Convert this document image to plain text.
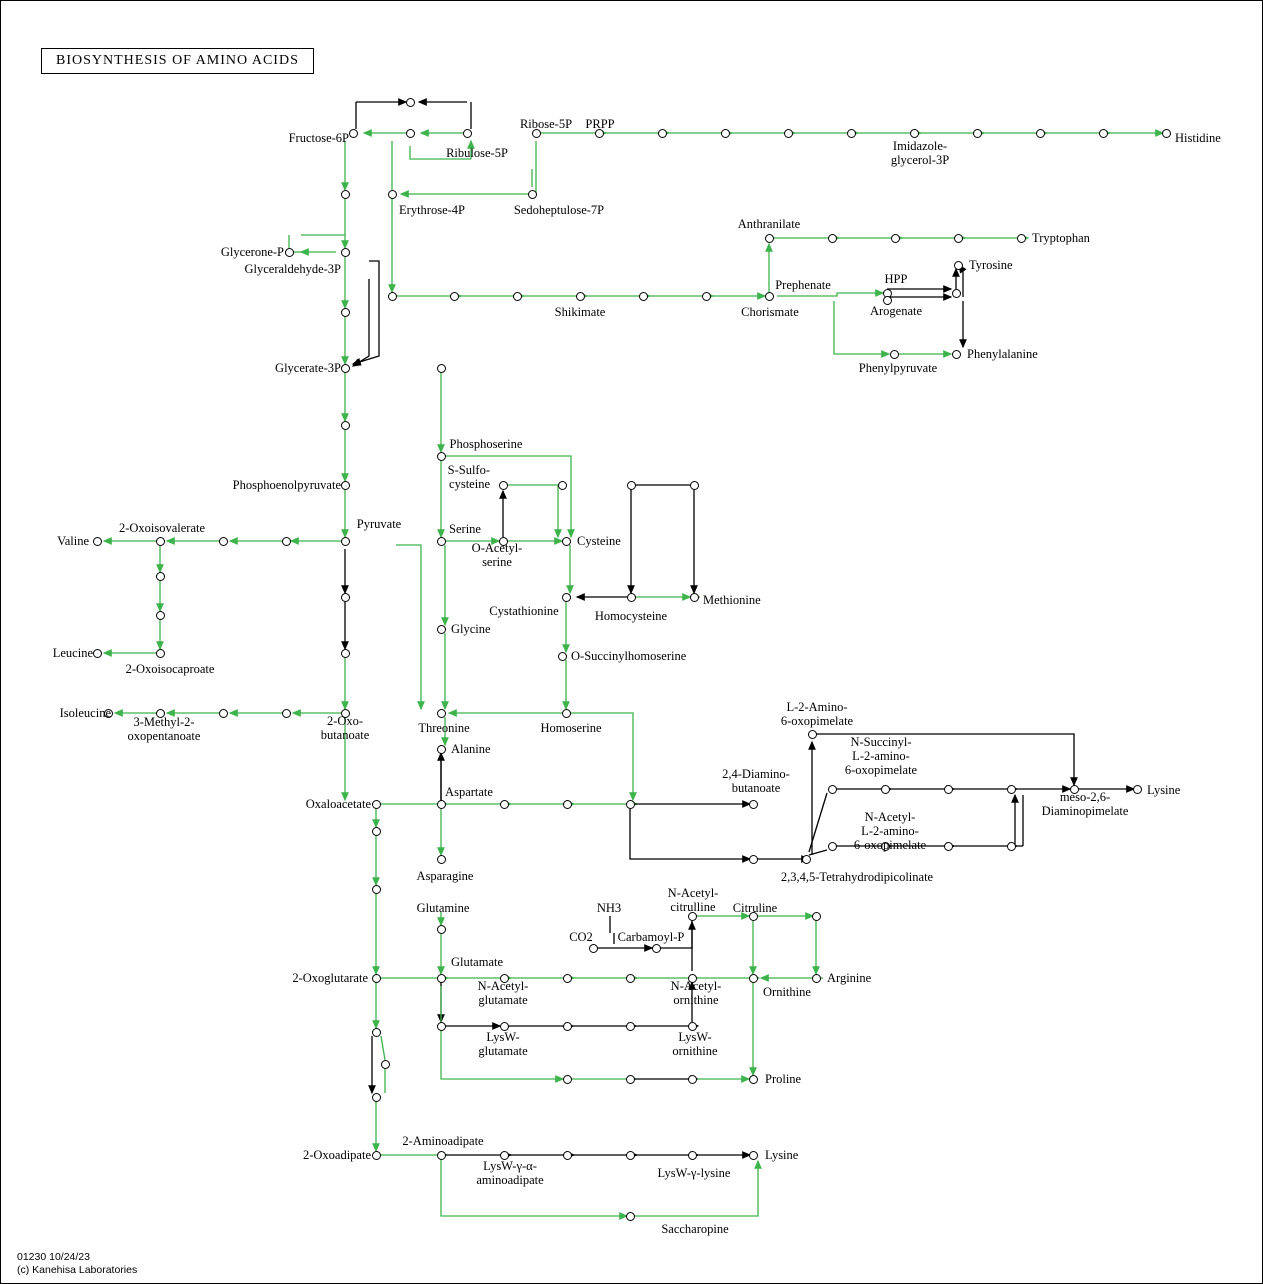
BIOSYNTHESIS OF AMINO ACIDS
Fructose-6P
Ribose-5P PRPP
Histidine
Ribulose-5P	Imidazole-
glycerol-3P
Erythrose-4P	Sedoheptulose-7P
Anthranilate
Tryptophan
Glycerone-P
Glyceraldehyde-3P
HPP
Tyrosine
Prephenate
Arogenate
Shikimate	Chorismate
Phenylalanine
Phenylpyruvate
Glycerate-3P
Phosphoserine
S-Sulfo-
cysteine
Phosphoenolpyruvate
2-Oxoisovalerate	Pyruvate
Valine
Serine
Cysteine
O-Acetyl-
serine
Methionine
Cystathionine	Homocysteine
Glycine
Leucine
2-Oxoisocaproate
O-Succinylhomoserine
L-2-Amino-
6-oxopimelate
Isoleucine
3-Methyl-2-
oxopentanoate
2-Oxo-
butanoate	Threonine	Homoserine
N-Succinyl-
L-2-amino-
6-oxopimelate
Alanine
2,4-Diamino-
butanoate	Lysine
Oxaloacetate
Aspartate	meso-2,6-
Diaminopimelate
N-Acetyl-
L-2-amino-
6-oxopimelate
2,3,4,5-Tetrahydrodipicolinate
Asparagine
NH3
N-Acetyl-
citrulline Citruline
Glutamine
CO2 Carbamoyl-P
Glutamate
2-Oxoglutarate	Arginine
N-Acetyl-
glutamate
N-Acetyl-
ornithine
Ornithine
LysW-
glutamate
LysW-
ornithine
Proline
2-Aminoadipate
2-Oxoadipate	Lysine
LysW-γ-α-
aminoadipate	LysW-γ-lysine
Saccharopine
01230 10/24/23
(c) Kanehisa Laboratories
